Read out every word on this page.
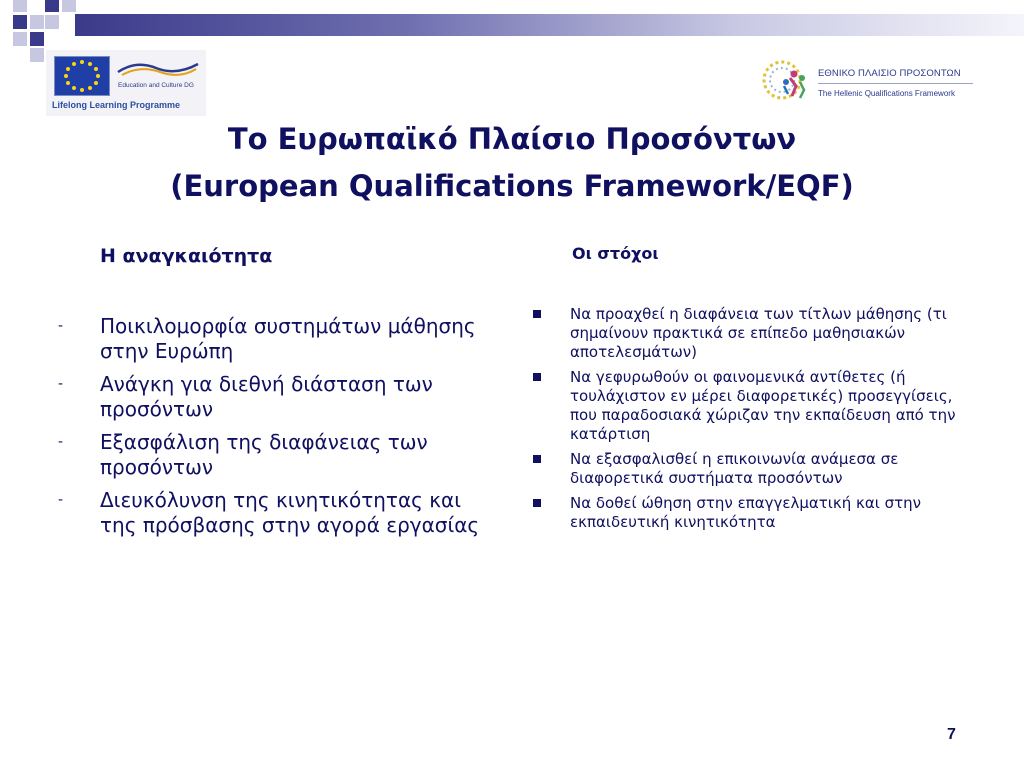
Education and Culture DG
Lifelong Learning Programme
ΕΘΝΙΚΟ ΠΛΑΙΣΙΟ ΠΡΟΣΟΝΤΩΝ
The Hellenic Qualifications Framework
Το Ευρωπαϊκό Πλαίσιο Προσόντων
(European Qualifications Framework/EQF)
Η αναγκαιότητα
- Ποικιλομορφία συστημάτων μάθησης στην Ευρώπη
- Ανάγκη για διεθνή διάσταση των προσόντων
- Εξασφάλιση της διαφάνειας των προσόντων
- Διευκόλυνση της κινητικότητας και της πρόσβασης στην αγορά εργασίας
Οι στόχοι
Να προαχθεί η διαφάνεια των τίτλων μάθησης (τι σημαίνουν πρακτικά σε επίπεδο μαθησιακών αποτελεσμάτων)
Να γεφυρωθούν οι φαινομενικά αντίθετες (ή τουλάχιστον εν μέρει διαφορετικές) προσεγγίσεις, που παραδοσιακά χώριζαν την εκπαίδευση από την κατάρτιση
Να εξασφαλισθεί η επικοινωνία ανάμεσα σε διαφορετικά συστήματα προσόντων
Να δοθεί ώθηση στην επαγγελματική και στην εκπαιδευτική κινητικότητα
7
